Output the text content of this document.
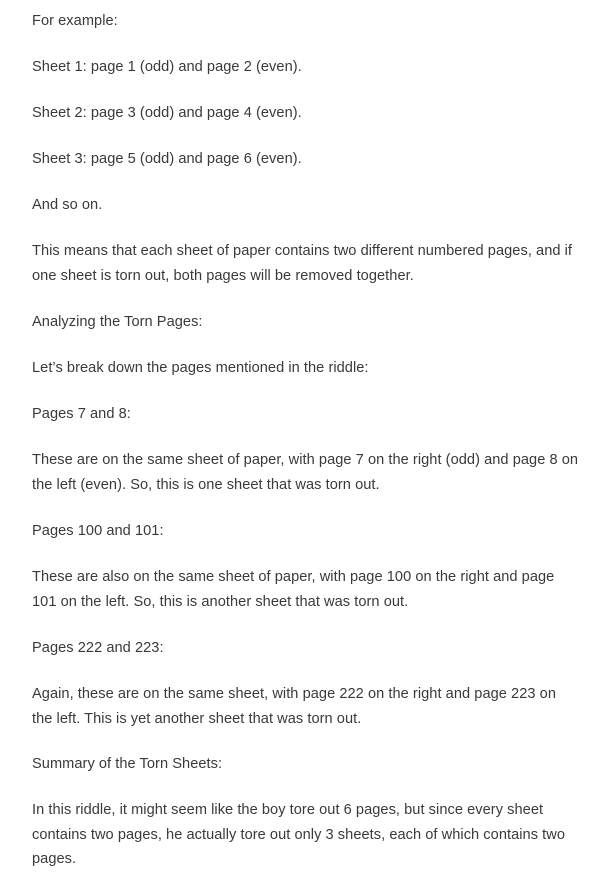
For example:

Sheet 1: page 1 (odd) and page 2 (even).

Sheet 2: page 3 (odd) and page 4 (even).

Sheet 3: page 5 (odd) and page 6 (even).

And so on.

This means that each sheet of paper contains two different numbered pages, and if one sheet is torn out, both pages will be removed together.

Analyzing the Torn Pages:

Let’s break down the pages mentioned in the riddle:

Pages 7 and 8:

These are on the same sheet of paper, with page 7 on the right (odd) and page 8 on the left (even). So, this is one sheet that was torn out.

Pages 100 and 101:

These are also on the same sheet of paper, with page 100 on the right and page 101 on the left. So, this is another sheet that was torn out.

Pages 222 and 223:

Again, these are on the same sheet, with page 222 on the right and page 223 on the left. This is yet another sheet that was torn out.

Summary of the Torn Sheets:

In this riddle, it might seem like the boy tore out 6 pages, but since every sheet contains two pages, he actually tore out only 3 sheets, each of which contains two pages.
